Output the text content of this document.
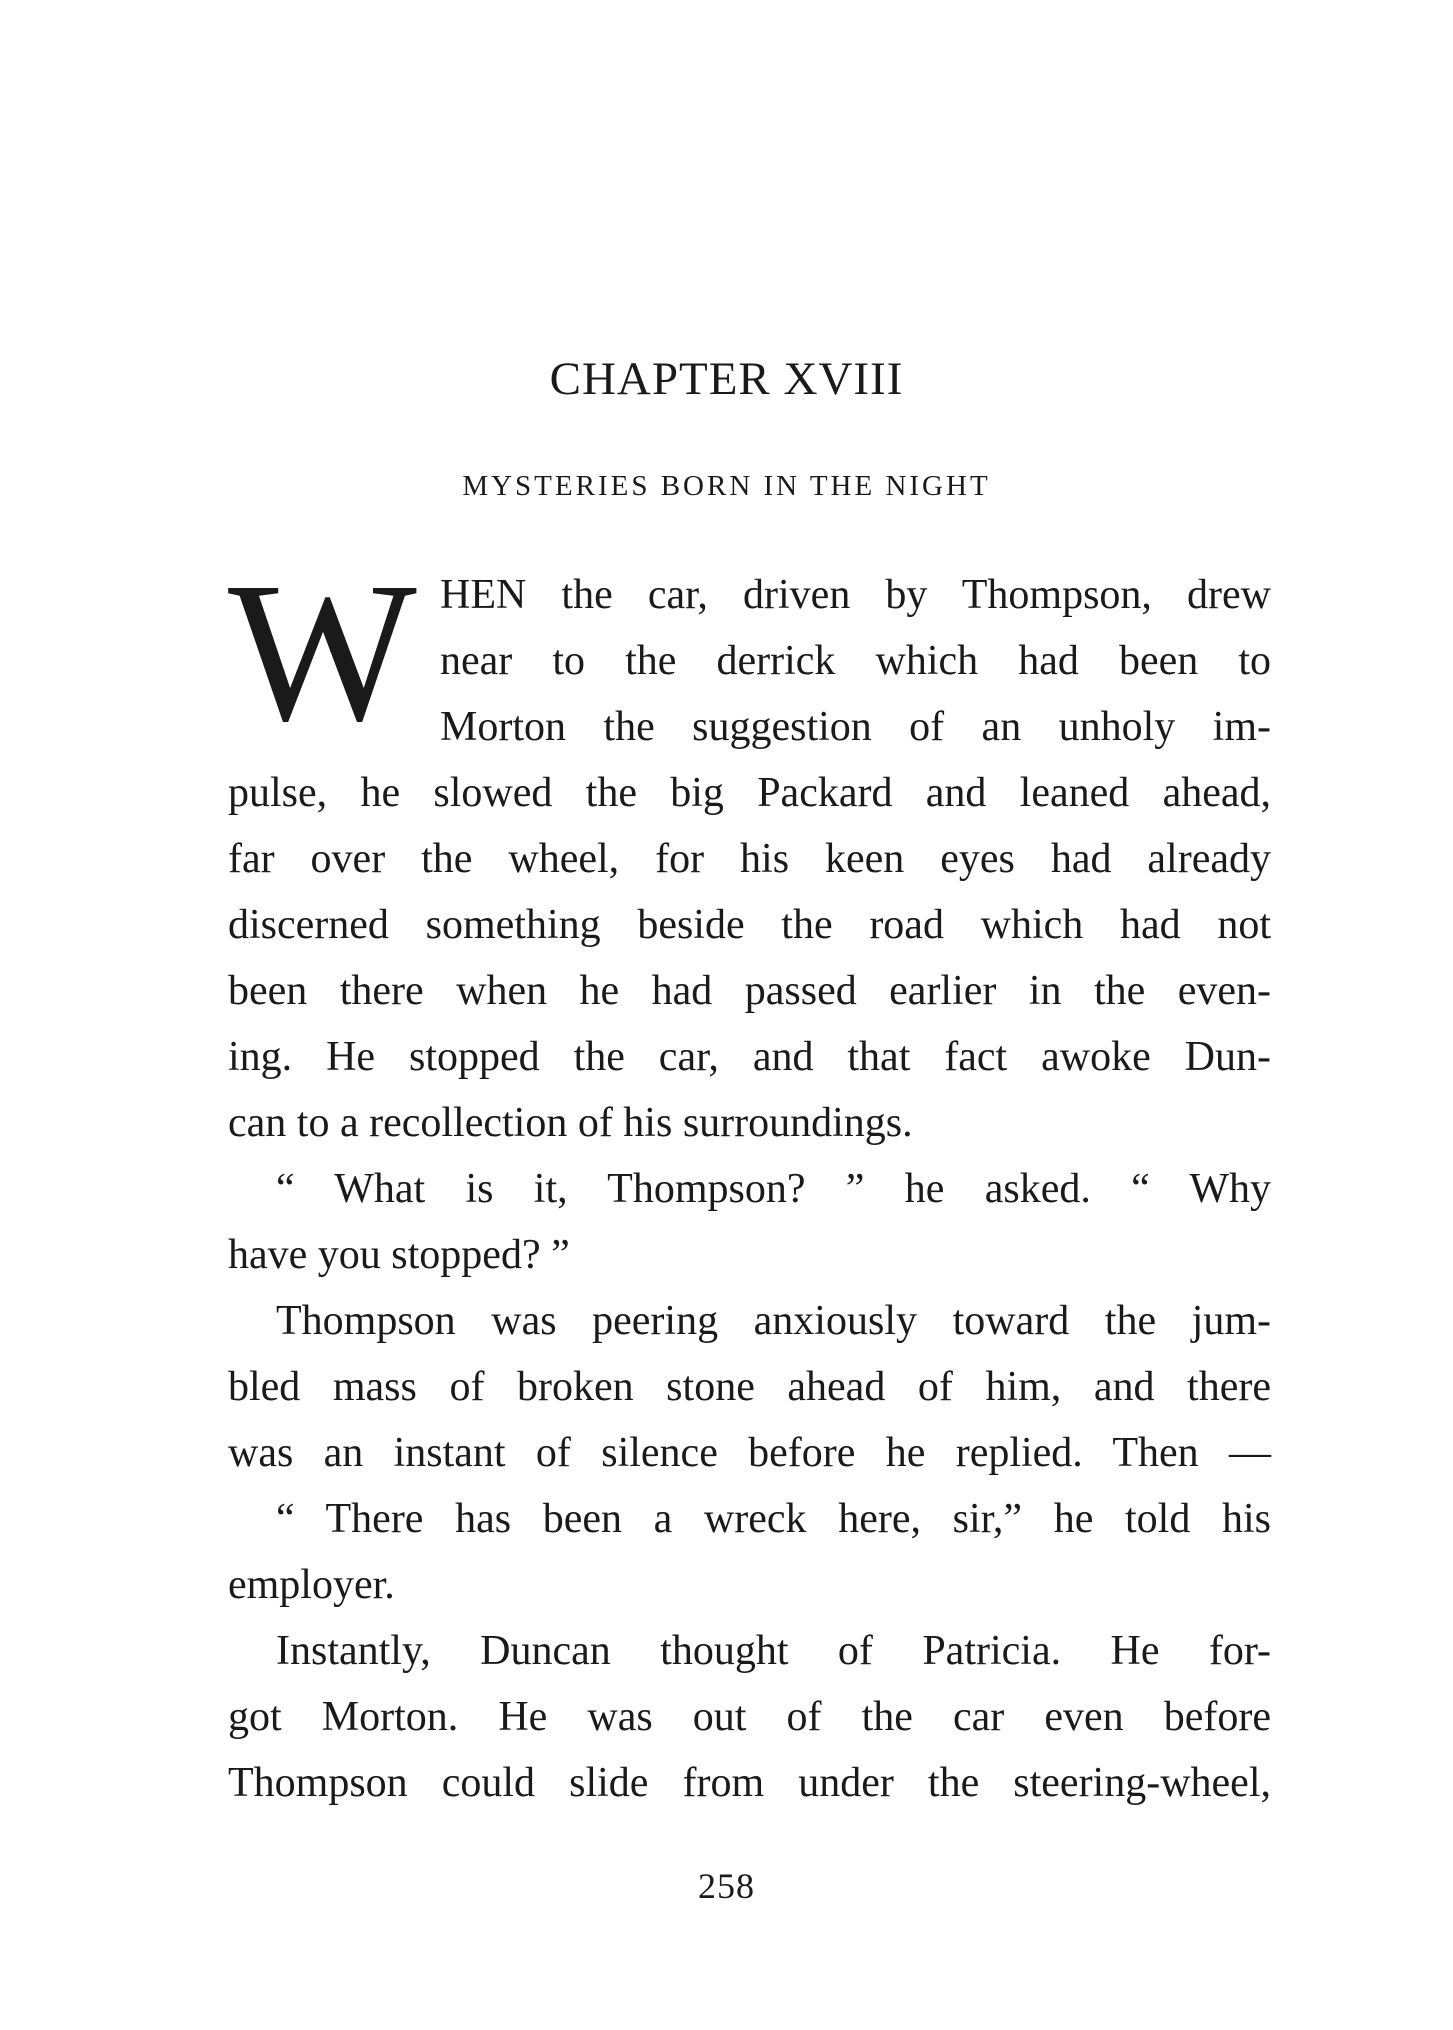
CHAPTER XVIII
MYSTERIES BORN IN THE NIGHT
W HEN the car, driven by Thompson, drew
near to the derrick which had been to
Morton the suggestion of an unholy im-
pulse, he slowed the big Packard and leaned ahead,
far over the wheel, for his keen eyes had already
discerned something beside the road which had not
been there when he had passed earlier in the even-
ing. He stopped the car, and that fact awoke Dun-
can to a recollection of his surroundings.
“ What is it, Thompson? ” he asked. “ Why
have you stopped? ”
Thompson was peering anxiously toward the jum-
bled mass of broken stone ahead of him, and there
was an instant of silence before he replied. Then —
“ There has been a wreck here, sir,” he told his
employer.
Instantly, Duncan thought of Patricia. He for-
got Morton. He was out of the car even before
Thompson could slide from under the steering-wheel,
258
